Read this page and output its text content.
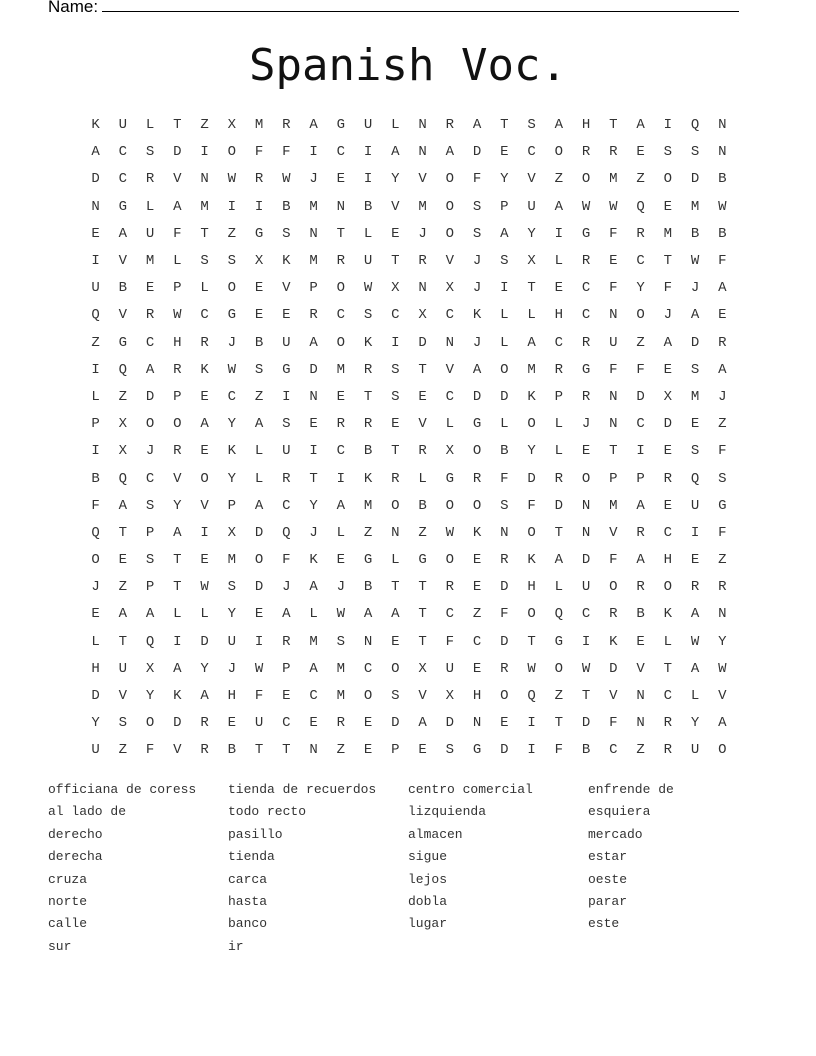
Name:
Spanish Voc.
K	U	L	T	Z	X	M	R	A	G	U	L	N	R	A	T	S	A	H	T	A	I	Q	N
A	C	S	D	I	O	F	F	I	C	I	A	N	A	D	E	C	O	R	R	E	S	S	N
D	C	R	V	N	W	R	W	J	E	I	Y	V	O	F	Y	V	Z	O	M	Z	O	D	B
N	G	L	A	M	I	I	B	M	N	B	V	M	O	S	P	U	A	W	W	Q	E	M	W
E	A	U	F	T	Z	G	S	N	T	L	E	J	O	S	A	Y	I	G	F	R	M	B	B
I	V	M	L	S	S	X	K	M	R	U	T	R	V	J	S	X	L	R	E	C	T	W	F
U	B	E	P	L	O	E	V	P	O	W	X	N	X	J	I	T	E	C	F	Y	F	J	A
Q	V	R	W	C	G	E	E	R	C	S	C	X	C	K	L	L	H	C	N	O	J	A	E
Z	G	C	H	R	J	B	U	A	O	K	I	D	N	J	L	A	C	R	U	Z	A	D	R
I	Q	A	R	K	W	S	G	D	M	R	S	T	V	A	O	M	R	G	F	F	E	S	A
L	Z	D	P	E	C	Z	I	N	E	T	S	E	C	D	D	K	P	R	N	D	X	M	J
P	X	O	O	A	Y	A	S	E	R	R	E	V	L	G	L	O	L	J	N	C	D	E	Z
I	X	J	R	E	K	L	U	I	C	B	T	R	X	O	B	Y	L	E	T	I	E	S	F
B	Q	C	V	O	Y	L	R	T	I	K	R	L	G	R	F	D	R	O	P	P	R	Q	S
F	A	S	Y	V	P	A	C	Y	A	M	O	B	O	O	S	F	D	N	M	A	E	U	G
Q	T	P	A	I	X	D	Q	J	L	Z	N	Z	W	K	N	O	T	N	V	R	C	I	F
O	E	S	T	E	M	O	F	K	E	G	L	G	O	E	R	K	A	D	F	A	H	E	Z
J	Z	P	T	W	S	D	J	A	J	B	T	T	R	E	D	H	L	U	O	R	O	R	R
E	A	A	L	L	Y	E	A	L	W	A	A	T	C	Z	F	O	Q	C	R	B	K	A	N
L	T	Q	I	D	U	I	R	M	S	N	E	T	F	C	D	T	G	I	K	E	L	W	Y
H	U	X	A	Y	J	W	P	A	M	C	O	X	U	E	R	W	O	W	D	V	T	A	W
D	V	Y	K	A	H	F	E	C	M	O	S	V	X	H	O	Q	Z	T	V	N	C	L	V
Y	S	O	D	R	E	U	C	E	R	E	D	A	D	N	E	I	T	D	F	N	R	Y	A
U	Z	F	V	R	B	T	T	N	Z	E	P	E	S	G	D	I	F	B	C	Z	R	U	O
officiana de coress
al lado de
derecho
derecha
cruza
norte
calle
sur
tienda de recuerdos
todo recto
pasillo
tienda
carca
hasta
banco
ir
centro comercial
lizquienda
almacen
sigue
lejos
dobla
lugar
enfrende de
esquiera
mercado
estar
oeste
parar
este
